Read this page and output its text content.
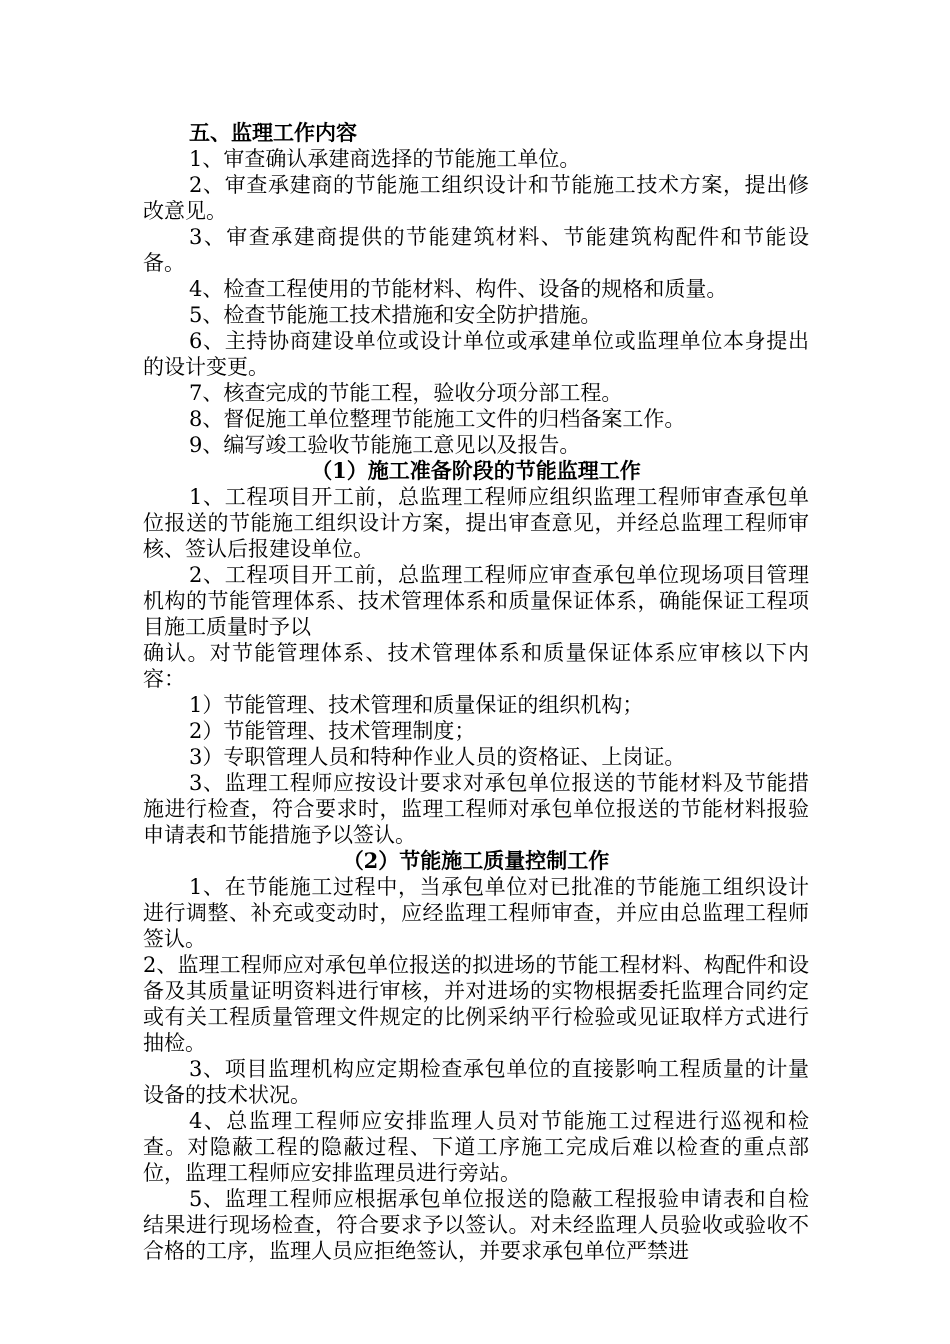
五、监理工作内容

1、审查确认承建商选择的节能施工单位。

2、审查承建商的节能施工组织设计和节能施工技术方案，提出修改意见。

3、审查承建商提供的节能建筑材料、节能建筑构配件和节能设备。

4、检查工程使用的节能材料、构件、设备的规格和质量。

5、检查节能施工技术措施和安全防护措施。

6、主持协商建设单位或设计单位或承建单位或监理单位本身提出的设计变更。

7、核查完成的节能工程，验收分项分部工程。

8、督促施工单位整理节能施工文件的归档备案工作。

9、编写竣工验收节能施工意见以及报告。

（1）施工准备阶段的节能监理工作

1、工程项目开工前，总监理工程师应组织监理工程师审查承包单位报送的节能施工组织设计方案，提出审查意见，并经总监理工程师审核、签认后报建设单位。

2、工程项目开工前，总监理工程师应审查承包单位现场项目管理机构的节能管理体系、技术管理体系和质量保证体系，确能保证工程项目施工质量时予以

确认。对节能管理体系、技术管理体系和质量保证体系应审核以下内容：

1）节能管理、技术管理和质量保证的组织机构；

2）节能管理、技术管理制度；

3）专职管理人员和特种作业人员的资格证、上岗证。

3、监理工程师应按设计要求对承包单位报送的节能材料及节能措施进行检查，符合要求时，监理工程师对承包单位报送的节能材料报验申请表和节能措施予以签认。

（2）节能施工质量控制工作

1、在节能施工过程中，当承包单位对已批准的节能施工组织设计进行调整、补充或变动时，应经监理工程师审查，并应由总监理工程师签认。

2、监理工程师应对承包单位报送的拟进场的节能工程材料、构配件和设备及其质量证明资料进行审核，并对进场的实物根据委托监理合同约定或有关工程质量管理文件规定的比例采纳平行检验或见证取样方式进行抽检。

3、项目监理机构应定期检查承包单位的直接影响工程质量的计量设备的技术状况。

4、总监理工程师应安排监理人员对节能施工过程进行巡视和检查。对隐蔽工程的隐蔽过程、下道工序施工完成后难以检查的重点部位，监理工程师应安排监理员进行旁站。

5、监理工程师应根据承包单位报送的隐蔽工程报验申请表和自检结果进行现场检查，符合要求予以签认。对未经监理人员验收或验收不合格的工序，监理人员应拒绝签认，并要求承包单位严禁进
